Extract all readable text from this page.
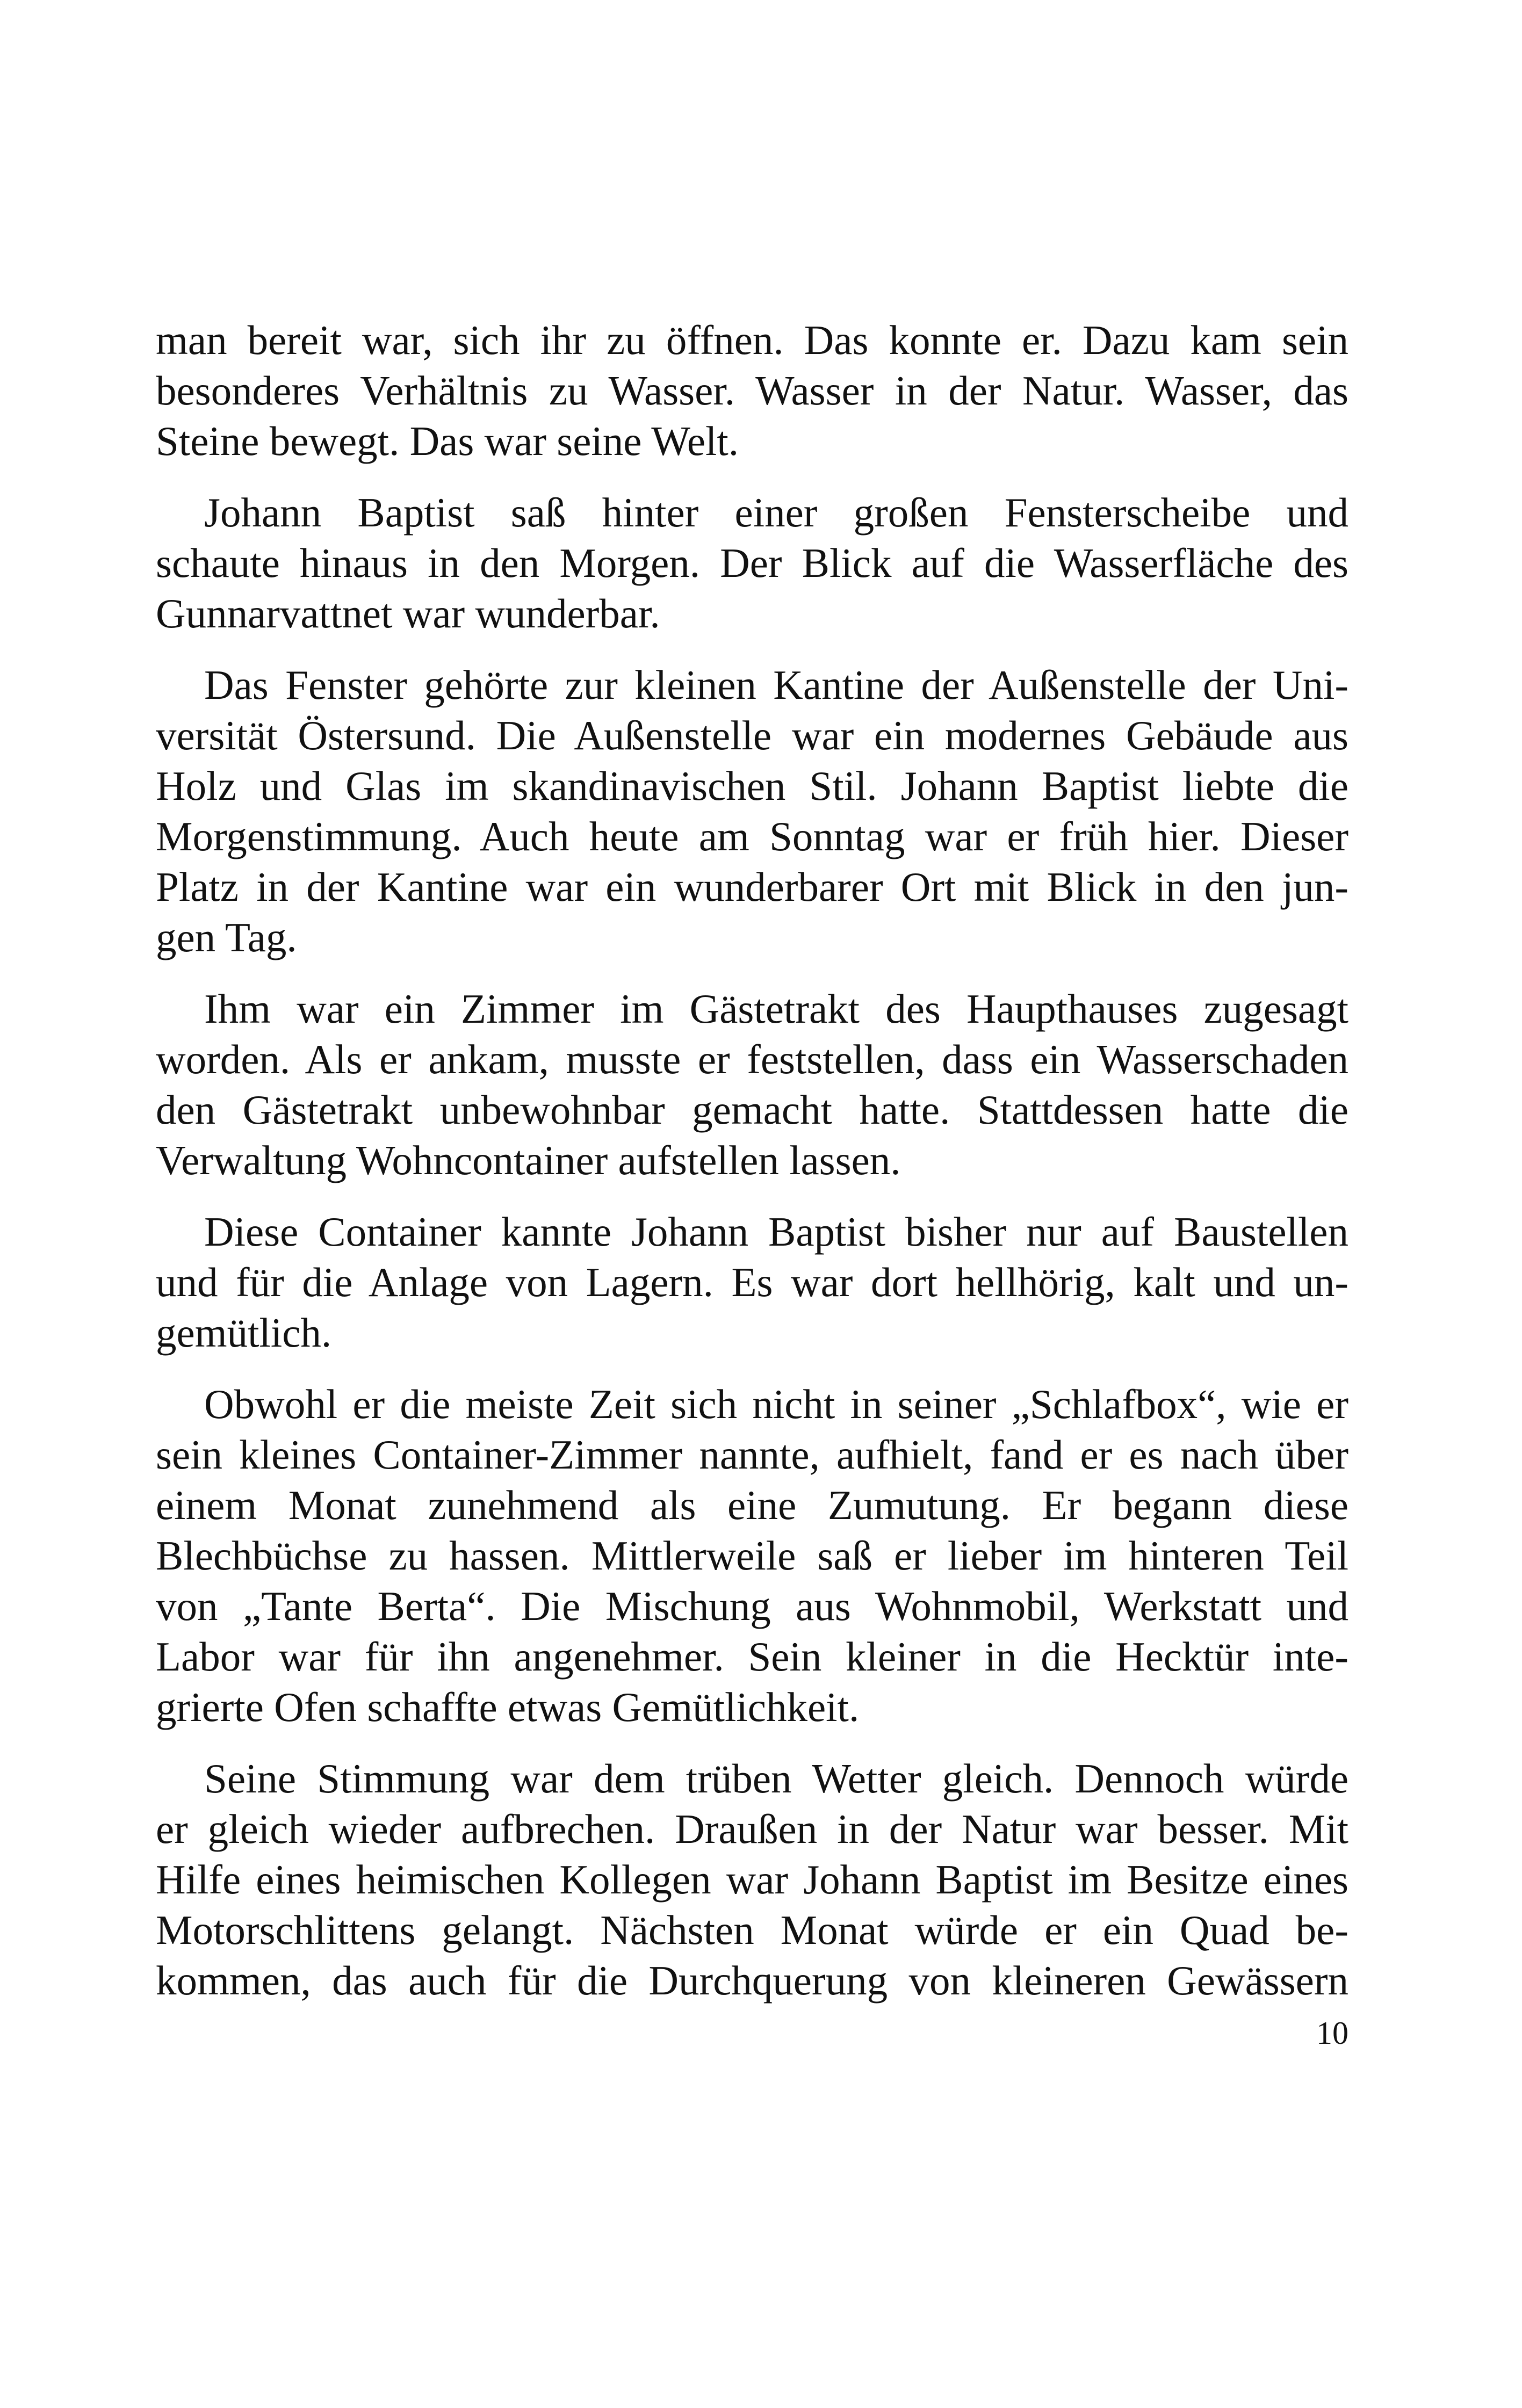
man bereit war, sich ihr zu öffnen. Das konnte er. Dazu kam sein
besonderes Verhältnis zu Wasser. Wasser in der Natur. Wasser, das
Steine bewegt. Das war seine Welt.

Johann Baptist saß hinter einer großen Fensterscheibe und
schaute hinaus in den Morgen. Der Blick auf die Wasserfläche des
Gunnarvattnet war wunderbar.

Das Fenster gehörte zur kleinen Kantine der Außenstelle der Uni-
versität Östersund. Die Außenstelle war ein modernes Gebäude aus
Holz und Glas im skandinavischen Stil. Johann Baptist liebte die
Morgenstimmung. Auch heute am Sonntag war er früh hier. Dieser
Platz in der Kantine war ein wunderbarer Ort mit Blick in den jun-
gen Tag.

Ihm war ein Zimmer im Gästetrakt des Haupthauses zugesagt
worden. Als er ankam, musste er feststellen, dass ein Wasserschaden
den Gästetrakt unbewohnbar gemacht hatte. Stattdessen hatte die
Verwaltung Wohncontainer aufstellen lassen.

Diese Container kannte Johann Baptist bisher nur auf Baustellen
und für die Anlage von Lagern. Es war dort hellhörig, kalt und un-
gemütlich.

Obwohl er die meiste Zeit sich nicht in seiner „Schlafbox“, wie er
sein kleines Container-Zimmer nannte, aufhielt, fand er es nach über
einem Monat zunehmend als eine Zumutung. Er begann diese
Blechbüchse zu hassen. Mittlerweile saß er lieber im hinteren Teil
von „Tante Berta“. Die Mischung aus Wohnmobil, Werkstatt und
Labor war für ihn angenehmer. Sein kleiner in die Hecktür inte-
grierte Ofen schaffte etwas Gemütlichkeit.

Seine Stimmung war dem trüben Wetter gleich. Dennoch würde
er gleich wieder aufbrechen. Draußen in der Natur war besser. Mit
Hilfe eines heimischen Kollegen war Johann Baptist im Besitze eines
Motorschlittens gelangt. Nächsten Monat würde er ein Quad be-
kommen, das auch für die Durchquerung von kleineren Gewässern

10
